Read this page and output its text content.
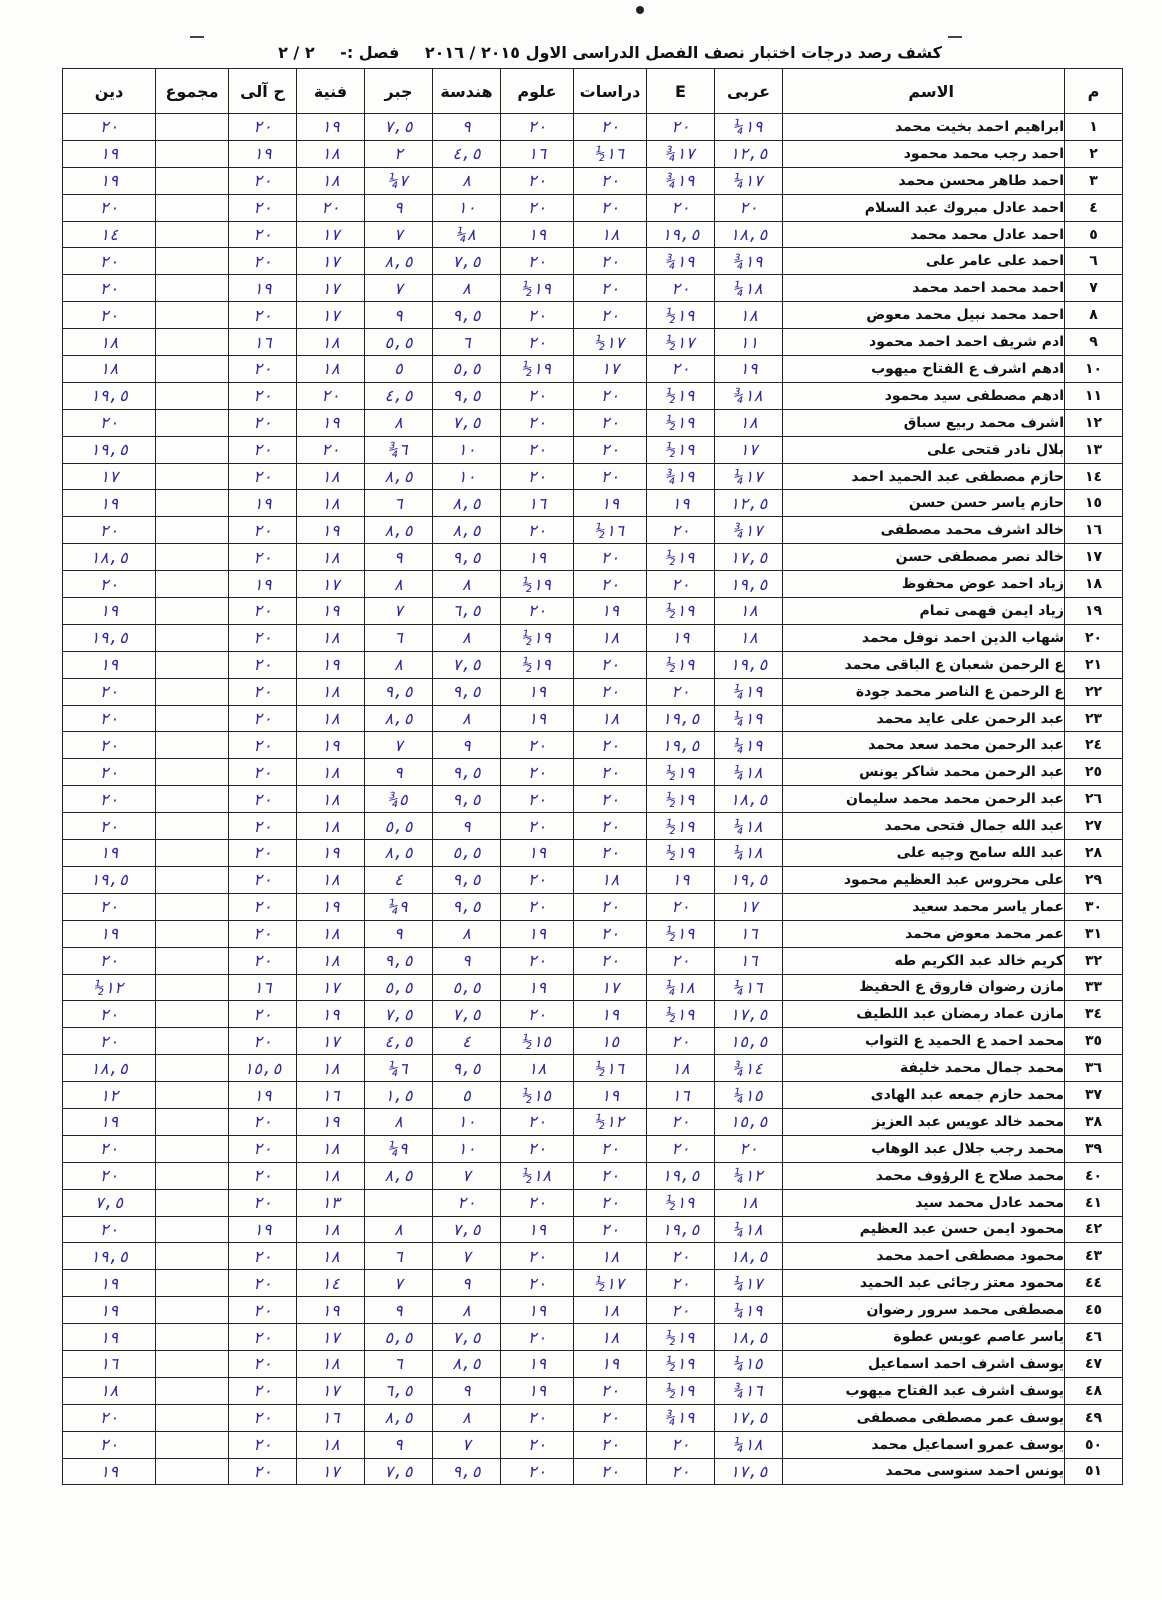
كشف رصد درجات اختبار نصف الفصل الدراسى الاول ٢٠١٥ / ٢٠١٦ فصل :- ٢ / ٢
م	الاسم	عربى	E	دراسات	علوم	هندسة	جبر	فنية	ح آلى	مجموع	دين
١	ابراهيم احمد بخيت محمد	١٩¼	٢٠	٢٠	٢٠	٩	٧,٥	١٩	٢٠		٢٠
٢	احمد رجب محمد محمود	١٢,٥	١٧¾	١٦½	١٦	٤,٥	٢	١٨	١٩		١٩
٣	احمد طاهر محسن محمد	١٧¼	١٩¾	٢٠	٢٠	٨	٧¼	١٨	٢٠		١٩
٤	احمد عادل مبروك عبد السلام	٢٠	٢٠	٢٠	٢٠	١٠	٩	٢٠	٢٠		٢٠
٥	احمد عادل محمد محمد	١٨,٥	١٩,٥	١٨	١٩	٨¼	٧	١٧	٢٠		١٤
٦	احمد على عامر على	١٩¾	١٩¾	٢٠	٢٠	٧,٥	٨,٥	١٧	٢٠		٢٠
٧	احمد محمد احمد محمد	١٨¼	٢٠	٢٠	١٩½	٨	٧	١٧	١٩		٢٠
٨	احمد محمد نبيل محمد معوض	١٨	١٩½	٢٠	٢٠	٩,٥	٩	١٧	٢٠		٢٠
٩	ادم شريف احمد احمد محمود	١١	١٧½	١٧½	٢٠	٦	٥,٥	١٨	١٦		١٨
١٠	ادهم اشرف ع الفتاح ميهوب	١٩	٢٠	١٧	١٩½	٥,٥	٥	١٨	٢٠		١٨
١١	ادهم مصطفى سيد محمود	١٨¾	١٩½	٢٠	٢٠	٩,٥	٤,٥	٢٠	٢٠		١٩,٥
١٢	اشرف محمد ربيع سباق	١٨	١٩½	٢٠	٢٠	٧,٥	٨	١٩	٢٠		٢٠
١٣	بلال نادر فتحى على	١٧	١٩½	٢٠	٢٠	١٠	٦¾	٢٠	٢٠		١٩,٥
١٤	حازم مصطفى عبد الحميد احمد	١٧¼	١٩¾	٢٠	٢٠	١٠	٨,٥	١٨	٢٠		١٧
١٥	حازم ياسر حسن حسن	١٢,٥	١٩	١٩	١٦	٨,٥	٦	١٨	١٩		١٩
١٦	خالد اشرف محمد مصطفى	١٧¾	٢٠	١٦½	٢٠	٨,٥	٨,٥	١٩	٢٠		٢٠
١٧	خالد نصر مصطفى حسن	١٧,٥	١٩½	٢٠	١٩	٩,٥	٩	١٨	٢٠		١٨,٥
١٨	زياد احمد عوض محفوظ	١٩,٥	٢٠	٢٠	١٩½	٨	٨	١٧	١٩		٢٠
١٩	زياد ايمن فهمى تمام	١٨	١٩½	١٩	٢٠	٦,٥	٧	١٩	٢٠		١٩
٢٠	شهاب الدين احمد نوفل محمد	١٨	١٩	١٨	١٩½	٨	٦	١٨	٢٠		١٩,٥
٢١	ع الرحمن شعبان ع الباقى محمد	١٩,٥	١٩½	٢٠	١٩½	٧,٥	٨	١٩	٢٠		١٩
٢٢	ع الرحمن ع الناصر محمد جودة	١٩¼	٢٠	٢٠	١٩	٩,٥	٩,٥	١٨	٢٠		٢٠
٢٣	عبد الرحمن على عايد محمد	١٩¼	١٩,٥	١٨	١٩	٨	٨,٥	١٨	٢٠		٢٠
٢٤	عبد الرحمن محمد سعد محمد	١٩¼	١٩,٥	٢٠	٢٠	٩	٧	١٩	٢٠		٢٠
٢٥	عبد الرحمن محمد شاكر يونس	١٨¼	١٩½	٢٠	٢٠	٩,٥	٩	١٨	٢٠		٢٠
٢٦	عبد الرحمن محمد محمد سليمان	١٨,٥	١٩½	٢٠	٢٠	٩,٥	٥¾	١٨	٢٠		٢٠
٢٧	عبد الله جمال فتحى محمد	١٨¼	١٩½	٢٠	٢٠	٩	٥,٥	١٨	٢٠		٢٠
٢٨	عبد الله سامح وجيه على	١٨¼	١٩½	٢٠	١٩	٥,٥	٨,٥	١٩	٢٠		١٩
٢٩	على محروس عبد العظيم محمود	١٩,٥	١٩	١٨	٢٠	٩,٥	٤	١٨	٢٠		١٩,٥
٣٠	عمار ياسر محمد سعيد	١٧	٢٠	٢٠	٢٠	٩,٥	٩¼	١٩	٢٠		٢٠
٣١	عمر محمد معوض محمد	١٦	١٩½	٢٠	١٩	٨	٩	١٨	٢٠		١٩
٣٢	كريم خالد عبد الكريم طه	١٦	٢٠	٢٠	٢٠	٩	٩,٥	١٨	٢٠		٢٠
٣٣	مازن رضوان فاروق ع الحفيظ	١٦¼	١٨¼	١٧	١٩	٥,٥	٥,٥	١٧	١٦		١٢½
٣٤	مازن عماد رمضان عبد اللطيف	١٧,٥	١٩½	١٩	٢٠	٧,٥	٧,٥	١٩	٢٠		٢٠
٣٥	محمد احمد ع الحميد ع التواب	١٥,٥	٢٠	١٥	١٥½	٤	٤,٥	١٧	٢٠		٢٠
٣٦	محمد جمال محمد خليفة	١٤¾	١٨	١٦½	١٨	٩,٥	٦¼	١٨	١٥,٥		١٨,٥
٣٧	محمد حازم جمعه عبد الهادى	١٥¼	١٦	١٩	١٥½	٥	١,٥	١٦	١٩		١٢
٣٨	محمد خالد عويس عبد العزيز	١٥,٥	٢٠	١٢½	٢٠	١٠	٨	١٩	٢٠		١٩
٣٩	محمد رجب جلال عبد الوهاب	٢٠	٢٠	٢٠	٢٠	١٠	٩¼	١٨	٢٠		٢٠
٤٠	محمد صلاح ع الرؤوف محمد	١٢¼	١٩,٥	٢٠	١٨½	٧	٨,٥	١٨	٢٠		٢٠
٤١	محمد عادل محمد سيد	١٨	١٩½	٢٠	٢٠	٢٠		١٣	٢٠		٧,٥
٤٢	محمود ايمن حسن عبد العظيم	١٨¼	١٩,٥	٢٠	١٩	٧,٥	٨	١٨	١٩		٢٠
٤٣	محمود مصطفى احمد محمد	١٨,٥	٢٠	١٨	٢٠	٧	٦	١٨	٢٠		١٩,٥
٤٤	محمود معتز رجائى عبد الحميد	١٧¼	٢٠	١٧½	٢٠	٩	٧	١٤	٢٠		١٩
٤٥	مصطفى محمد سرور رضوان	١٩¼	٢٠	١٨	١٩	٨	٩	١٩	٢٠		١٩
٤٦	ياسر عاصم عويس عطوة	١٨,٥	١٩½	١٨	٢٠	٧,٥	٥,٥	١٧	٢٠		١٩
٤٧	يوسف اشرف احمد اسماعيل	١٥¼	١٩½	١٩	١٩	٨,٥	٦	١٨	٢٠		١٦
٤٨	يوسف اشرف عبد الفتاح ميهوب	١٦¾	١٩½	٢٠	١٩	٩	٦,٥	١٧	٢٠		١٨
٤٩	يوسف عمر مصطفى مصطفى	١٧,٥	١٩¾	٢٠	٢٠	٨	٨,٥	١٦	٢٠		٢٠
٥٠	يوسف عمرو اسماعيل محمد	١٨¼	٢٠	٢٠	٢٠	٧	٩	١٨	٢٠		٢٠
٥١	يونس احمد سنوسى محمد	١٧,٥	٢٠	٢٠	٢٠	٩,٥	٧,٥	١٧	٢٠		١٩
